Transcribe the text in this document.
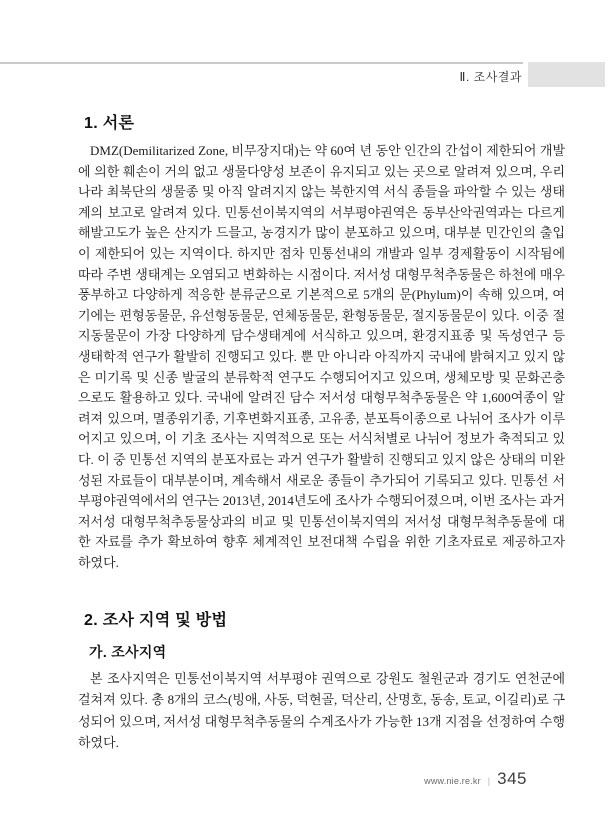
Ⅱ. 조사결과
1. 서론

DMZ(Demilitarized Zone, 비무장지대)는 약 60여 년 동안 인간의 간섭이 제한되어 개발에 의한 훼손이 거의 없고 생물다양성 보존이 유지되고 있는 곳으로 알려져 있으며, 우리나라 최북단의 생물종 및 아직 알려지지 않는 북한지역 서식 종들을 파악할 수 있는 생태계의 보고로 알려져 있다. 민통선이북지역의 서부평야권역은 동부산악권역과는 다르게 해발고도가 높은 산지가 드믈고, 농경지가 많이 분포하고 있으며, 대부분 민간인의 출입이 제한되어 있는 지역이다. 하지만 점차 민통선내의 개발과 일부 경제활동이 시작됨에 따라 주변 생태계는 오염되고 변화하는 시점이다. 저서성 대형무척추동물은 하천에 매우 풍부하고 다양하게 적응한 분류군으로 기본적으로 5개의 문(Phylum)이 속해 있으며, 여기에는 편형동물문, 유선형동물문, 연체동물문, 환형동물문, 절지동물문이 있다. 이중 절지동물문이 가장 다양하게 담수생태계에 서식하고 있으며, 환경지표종 및 독성연구 등 생태학적 연구가 활발히 진행되고 있다. 뿐 만 아니라 아직까지 국내에 밝혀지고 있지 않은 미기록 및 신종 발굴의 분류학적 연구도 수행되어지고 있으며, 생체모방 및 문화곤충으로도 활용하고 있다. 국내에 알려진 담수 저서성 대형무척추동물은 약 1,600여종이 알려져 있으며, 멸종위기종, 기후변화지표종, 고유종, 분포특이종으로 나뉘어 조사가 이루어지고 있으며, 이 기초 조사는 지역적으로 또는 서식처별로 나뉘어 정보가 축적되고 있다. 이 중 민통선 지역의 분포자료는 과거 연구가 활발히 진행되고 있지 않은 상태의 미완성된 자료들이 대부분이며, 계속해서 새로운 종들이 추가되어 기록되고 있다. 민통선 서부평야권역에서의 연구는 2013년, 2014년도에 조사가 수행되어졌으며, 이번 조사는 과거 저서성 대형무척추동물상과의 비교 및 민통선이북지역의 저서성 대형무척추동물에 대한 자료를 추가 확보하여 향후 체계적인 보전대책 수립을 위한 기초자료로 제공하고자 하였다.

2. 조사 지역 및 방법
가. 조사지역

본 조사지역은 민통선이북지역 서부평야 권역으로 강원도 철원군과 경기도 연천군에 걸쳐져 있다. 총 8개의 코스(빙애, 사동, 덕현골, 덕산리, 산명호, 동송, 토교, 이길리)로 구성되어 있으며, 저서성 대형무척추동물의 수계조사가 가능한 13개 지점을 선정하여 수행하였다.

www.nie.re.kr | 345
